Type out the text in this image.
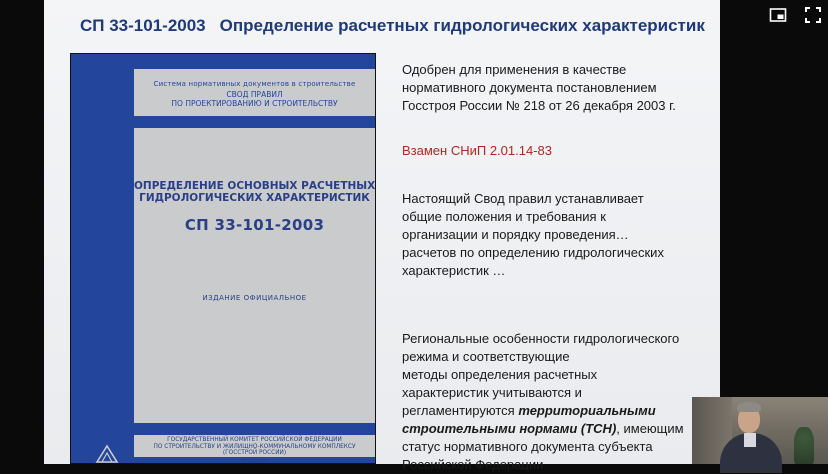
СП 33-101-2003 Определение расчетных гидрологических характеристик
Система нормативных документов в строительстве
СВОД ПРАВИЛ
ПО ПРОЕКТИРОВАНИЮ И СТРОИТЕЛЬСТВУ
ОПРЕДЕЛЕНИЕ ОСНОВНЫХ РАСЧЕТНЫХ
ГИДРОЛОГИЧЕСКИХ ХАРАКТЕРИСТИК
СП 33-101-2003
ИЗДАНИЕ ОФИЦИАЛЬНОЕ
ГОСУДАРСТВЕННЫЙ КОМИТЕТ РОССИЙСКОЙ ФЕДЕРАЦИИ
ПО СТРОИТЕЛЬСТВУ И ЖИЛИЩНО-КОММУНАЛЬНОМУ КОМПЛЕКСУ
(ГОССТРОЙ РОССИИ)
Москва

Одобрен для применения в качестве
нормативного документа постановлением
Госстроя России № 218 от 26 декабря 2003 г.

Взамен СНиП 2.01.14-83

Настоящий Свод правил устанавливает
общие положения и требования к
организации и порядку проведения…
расчетов по определению гидрологических
характеристик …

Региональные особенности гидрологического
режима и соответствующие
методы определения расчетных
характеристик учитываются и
регламентируются территориальными
строительными нормами (ТСН), имеющим
статус нормативного документа субъекта
Российской Федерации
